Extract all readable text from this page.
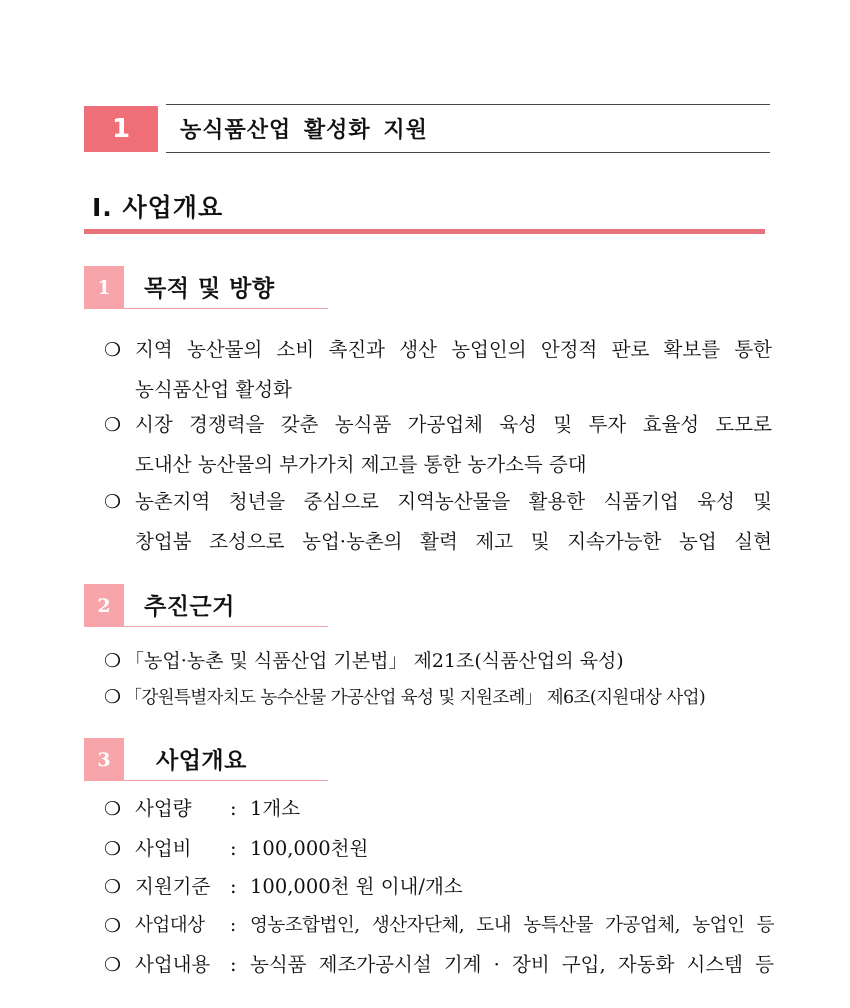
1	농식품산업 활성화 지원
Ⅰ. 사업개요
1	목적 및 방향
❍ 지역 농산물의 소비 촉진과 생산 농업인의 안정적 판로 확보를 통한
농식품산업 활성화
❍ 시장 경쟁력을 갖춘 농식품 가공업체 육성 및 투자 효율성 도모로
도내산 농산물의 부가가치 제고를 통한 농가소득 증대
❍ 농촌지역 청년을 중심으로 지역농산물을 활용한 식품기업 육성 및
창업붐 조성으로 농업·농촌의 활력 제고 및 지속가능한 농업 실현
2	추진근거
❍ 「농업·농촌 및 식품산업 기본법」 제21조(식품산업의 육성)
❍ 「강원특별자치도 농수산물 가공산업 육성 및 지원조례」 제6조(지원대상 사업)
3	사업개요
❍ 사업량	: 1개소
❍ 사업비	: 100,000천원
❍ 지원기준	: 100,000천 원 이내/개소
❍ 사업대상	: 영농조합법인, 생산자단체, 도내 농특산물 가공업체, 농업인 등
❍ 사업내용	: 농식품 제조가공시설 기계 · 장비 구입, 자동화 시스템 등
